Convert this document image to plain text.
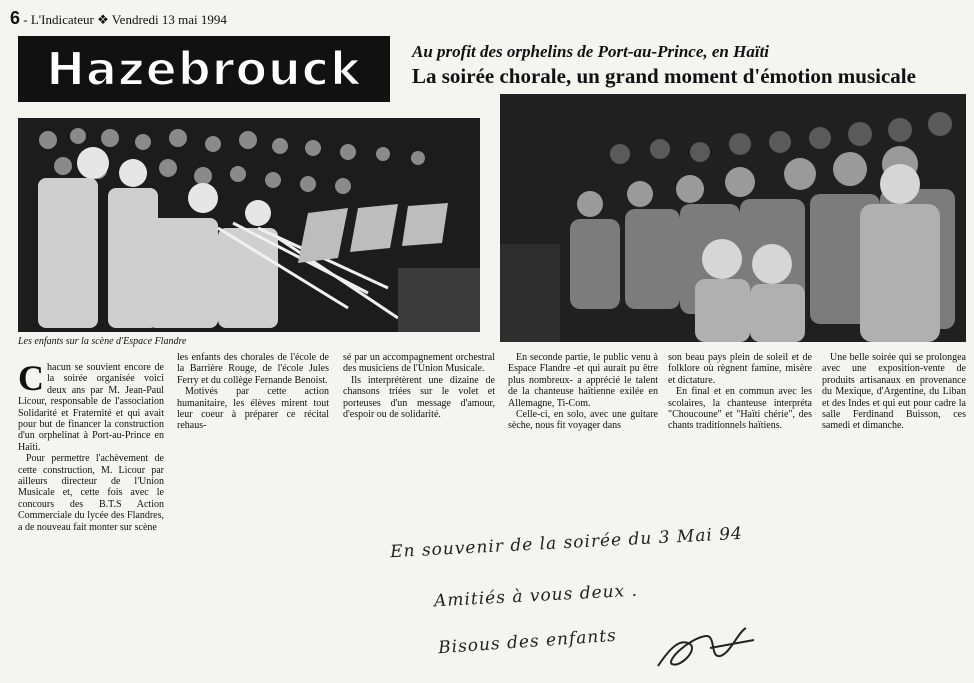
6 - L'Indicateur ❖ Vendredi 13 mai 1994
Hazebrouck	Au profit des orphelins de Port-au-Prince, en Haïti
La soirée chorale, un grand moment d'émotion musicale
Les enfants sur la scène d'Espace Flandre

Chacun se souvient encore de la soirée organisée voici deux ans par M. Jean-Paul Licour, responsable de l'association Solidarité et Fraternité et qui avait pour but de financer la construction d'un orphelinat à Port-au-Prince en Haïti.

Pour permettre l'achèvement de cette construction, M. Licour par ailleurs directeur de l'Union Musicale et, cette fois avec le concours des B.T.S Action Commerciale du lycée des Flandres, a de nouveau fait monter sur scène

les enfants des chorales de l'école de la Barrière Rouge, de l'école Jules Ferry et du collège Fernande Benoist.

Motivés par cette action humanitaire, les élèves mirent tout leur coeur à préparer ce récital rehaus-

sé par un accompagnement orchestral des musiciens de l'Union Musicale.

Ils interprétèrent une dizaine de chansons triées sur le volet et porteuses d'un message d'amour, d'espoir ou de solidarité.

En seconde partie, le public venu à Espace Flandre -et qui aurait pu être plus nombreux- a apprécié le talent de la chanteuse haïtienne exilée en Allemagne, Ti-Com.

Celle-ci, en solo, avec une guitare sèche, nous fit voyager dans

son beau pays plein de soleil et de folklore où règnent famine, misère et dictature.

En final et en commun avec les scolaires, la chanteuse interpréta "Choucoune" et "Haïti chérie", des chants traditionnels haïtiens.

Une belle soirée qui se prolongea avec une exposition-vente de produits artisanaux en provenance du Mexique, d'Argentine, du Liban et des Indes et qui eut pour cadre la salle Ferdinand Buisson, ces samedi et dimanche.

En souvenir de la soirée du 3 Mai 94
Amitiés à vous deux .
Bisous des enfants
